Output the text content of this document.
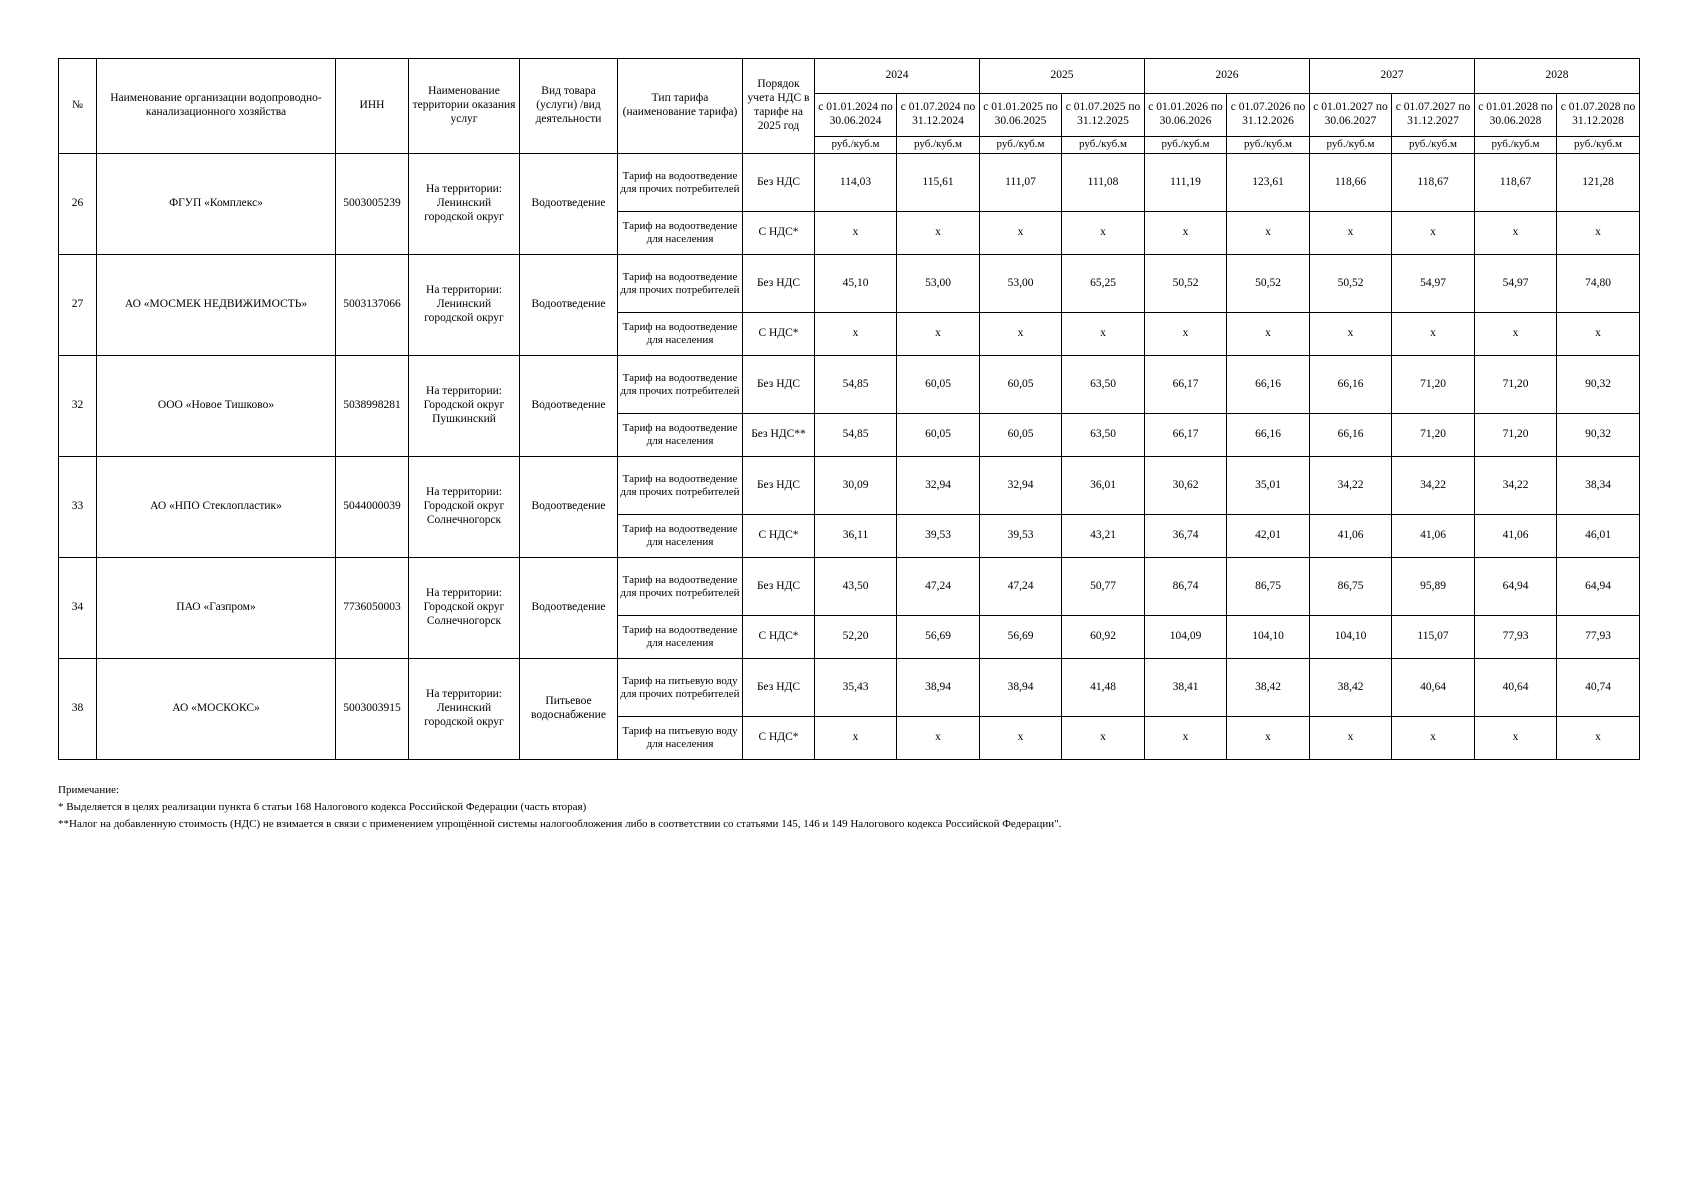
№	Наименование организации водопроводно-канализационного хозяйства	ИНН	Наименование территории оказания услуг	Вид товара (услуги) /вид деятельности	Тип тарифа (наименование тарифа)	Порядок учета НДС в тарифе на 2025 год	2024		2025		2026		2027		2028	
							с 01.01.2024 по 30.06.2024	с 01.07.2024 по 31.12.2024	с 01.01.2025 по 30.06.2025	с 01.07.2025 по 31.12.2025	с 01.01.2026 по 30.06.2026	с 01.07.2026 по 31.12.2026	с 01.01.2027 по 30.06.2027	с 01.07.2027 по 31.12.2027	с 01.01.2028 по 30.06.2028	с 01.07.2028 по 31.12.2028
							руб./куб.м	руб./куб.м	руб./куб.м	руб./куб.м	руб./куб.м	руб./куб.м	руб./куб.м	руб./куб.м	руб./куб.м	руб./куб.м
26	ФГУП «Комплекс»	5003005239	На территории: Ленинский городской округ	Водоотведение	Тариф на водоотведение для прочих потребителей	Без НДС	114,03	115,61	111,07	111,08	111,19	123,61	118,66	118,67	118,67	121,28
					Тариф на водоотведение для населения	С НДС*	х	х	х	х	х	х	х	х	х	х
27	АО «МОСМЕК НЕДВИЖИМОСТЬ»	5003137066	На территории: Ленинский городской округ	Водоотведение	Тариф на водоотведение для прочих потребителей	Без НДС	45,10	53,00	53,00	65,25	50,52	50,52	50,52	54,97	54,97	74,80
					Тариф на водоотведение для населения	С НДС*	х	х	х	х	х	х	х	х	х	х
32	ООО «Новое Тишково»	5038998281	На территории: Городской округ Пушкинский	Водоотведение	Тариф на водоотведение для прочих потребителей	Без НДС	54,85	60,05	60,05	63,50	66,17	66,16	66,16	71,20	71,20	90,32
					Тариф на водоотведение для населения	Без НДС**	54,85	60,05	60,05	63,50	66,17	66,16	66,16	71,20	71,20	90,32
33	АО «НПО Стеклопластик»	5044000039	На территории: Городской округ Солнечногорск	Водоотведение	Тариф на водоотведение для прочих потребителей	Без НДС	30,09	32,94	32,94	36,01	30,62	35,01	34,22	34,22	34,22	38,34
					Тариф на водоотведение для населения	С НДС*	36,11	39,53	39,53	43,21	36,74	42,01	41,06	41,06	41,06	46,01
34	ПАО «Газпром»	7736050003	На территории: Городской округ Солнечногорск	Водоотведение	Тариф на водоотведение для прочих потребителей	Без НДС	43,50	47,24	47,24	50,77	86,74	86,75	86,75	95,89	64,94	64,94
					Тариф на водоотведение для населения	С НДС*	52,20	56,69	56,69	60,92	104,09	104,10	104,10	115,07	77,93	77,93
38	АО «МОСКОКС»	5003003915	На территории: Ленинский городской округ	Питьевое водоснабжение	Тариф на питьевую воду для прочих потребителей	Без НДС	35,43	38,94	38,94	41,48	38,41	38,42	38,42	40,64	40,64	40,74
					Тариф на питьевую воду для населения	С НДС*	х	х	х	х	х	х	х	х	х	х
Примечание:
* Выделяется в целях реализации пункта 6 статьи 168 Налогового кодекса Российской Федерации (часть вторая)
**Налог на добавленную стоимость (НДС) не взимается в связи с применением упрощённой системы налогообложения либо в соответствии со статьями 145, 146 и 149 Налогового кодекса Российской Федерации".
